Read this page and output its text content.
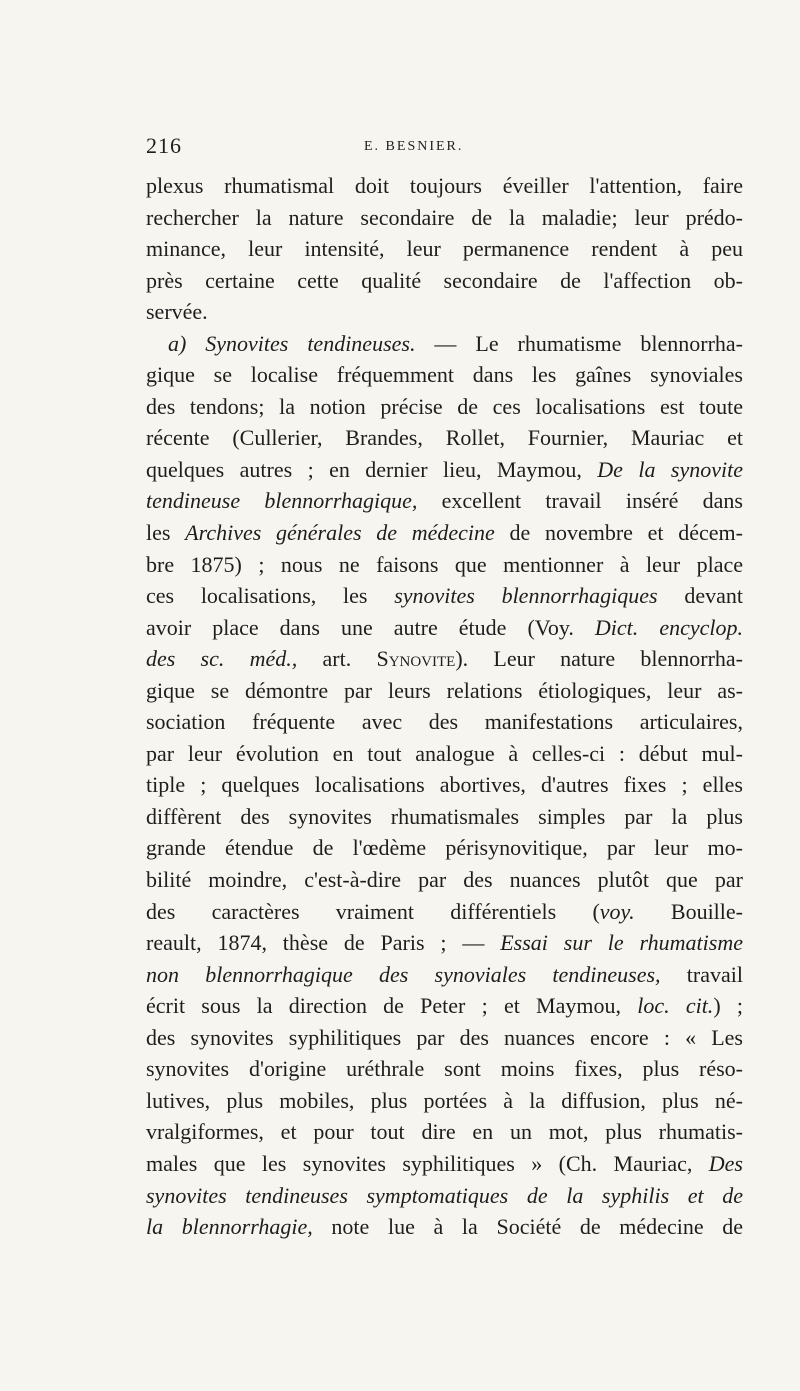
216	E. BESNIER.
plexus rhumatismal doit toujours éveiller l'attention, faire
rechercher la nature secondaire de la maladie; leur prédo-
minance, leur intensité, leur permanence rendent à peu
près certaine cette qualité secondaire de l'affection ob-
servée.
a) Synovites tendineuses. — Le rhumatisme blennorrha-
gique se localise fréquemment dans les gaînes synoviales
des tendons; la notion précise de ces localisations est toute
récente (Cullerier, Brandes, Rollet, Fournier, Mauriac et
quelques autres ; en dernier lieu, Maymou, De la synovite
tendineuse blennorrhagique, excellent travail inséré dans
les Archives générales de médecine de novembre et décem-
bre 1875) ; nous ne faisons que mentionner à leur place
ces localisations, les synovites blennorrhagiques devant
avoir place dans une autre étude (Voy. Dict. encyclop.
des sc. méd., art. Synovite). Leur nature blennorrha-
gique se démontre par leurs relations étiologiques, leur as-
sociation fréquente avec des manifestations articulaires,
par leur évolution en tout analogue à celles-ci : début mul-
tiple ; quelques localisations abortives, d'autres fixes ; elles
diffèrent des synovites rhumatismales simples par la plus
grande étendue de l'œdème périsynovitique, par leur mo-
bilité moindre, c'est-à-dire par des nuances plutôt que par
des caractères vraiment différentiels (voy. Bouille-
reault, 1874, thèse de Paris ; — Essai sur le rhumatisme
non blennorrhagique des synoviales tendineuses, travail
écrit sous la direction de Peter ; et Maymou, loc. cit.) ;
des synovites syphilitiques par des nuances encore : « Les
synovites d'origine uréthrale sont moins fixes, plus réso-
lutives, plus mobiles, plus portées à la diffusion, plus né-
vralgiformes, et pour tout dire en un mot, plus rhumatis-
males que les synovites syphilitiques » (Ch. Mauriac, Des
synovites tendineuses symptomatiques de la syphilis et de
la blennorrhagie, note lue à la Société de médecine de
